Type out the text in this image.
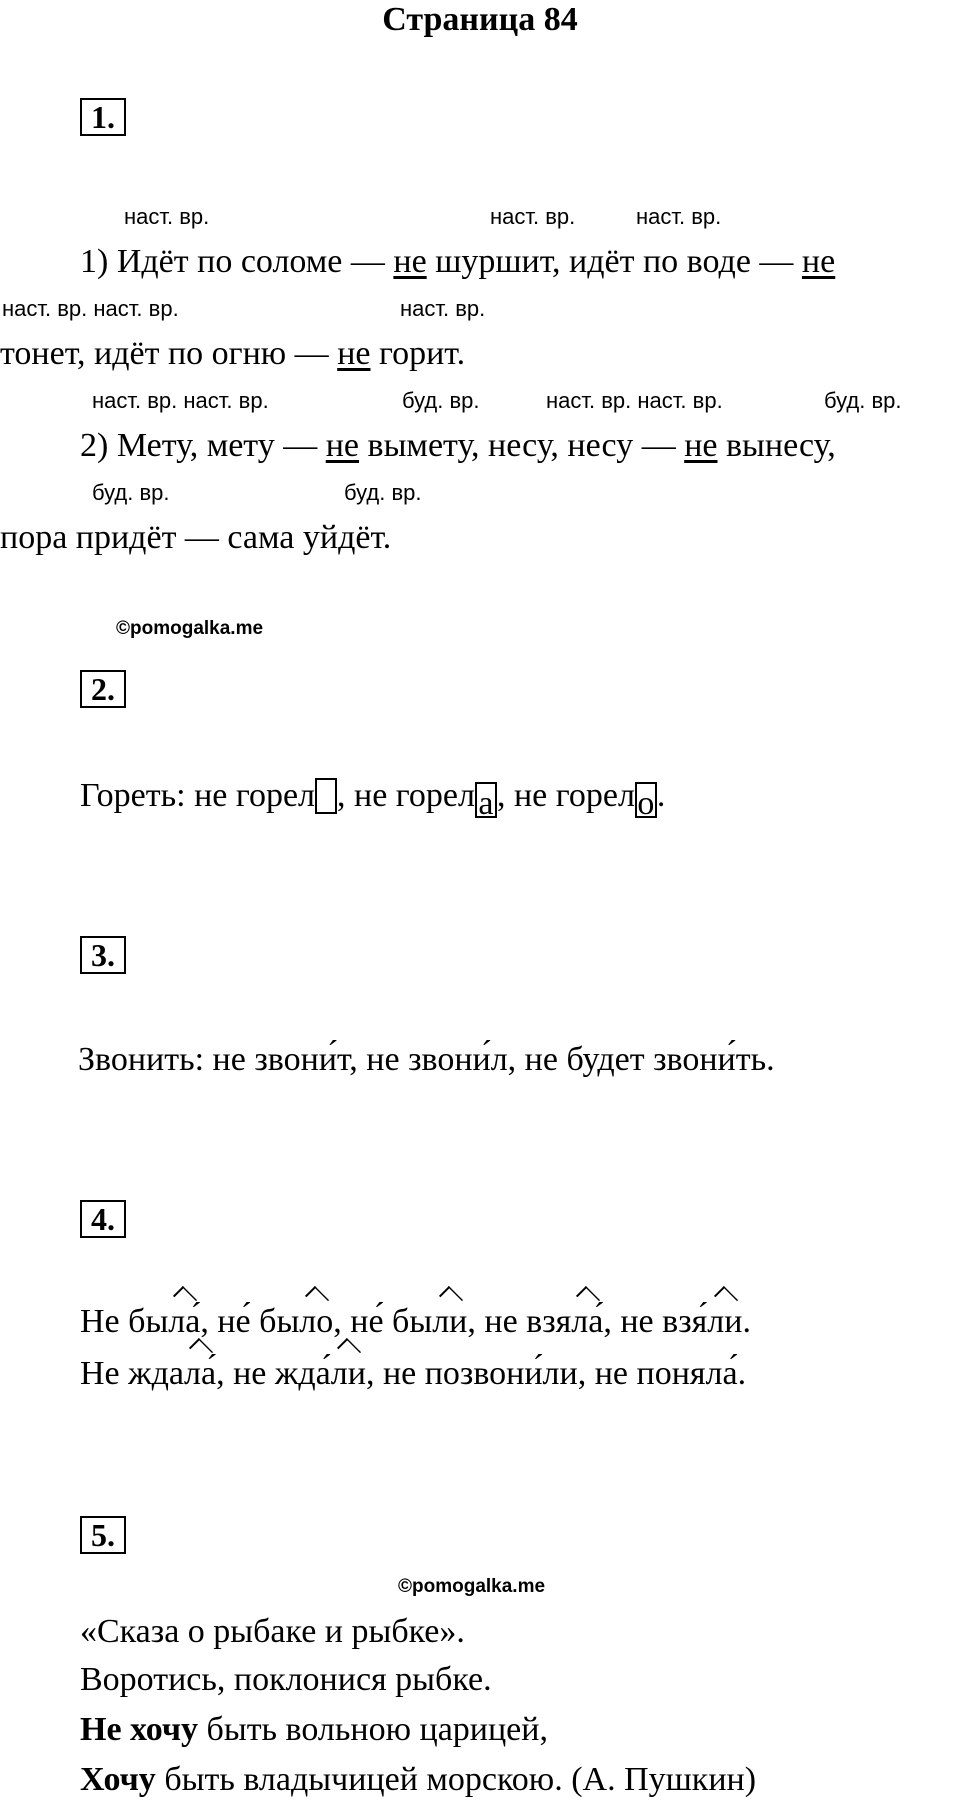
Страница 84
1.
наст. вр.	наст. вр.	наст. вр.
1) Идёт по соломе — не шуршит, идёт по воде — не
наст. вр. наст. вр.	наст. вр.
тонет, идёт по огню — не горит.
наст. вр. наст. вр.	буд. вр.	наст. вр. наст. вр.	буд. вр.
2) Мету, мету — не вымету, несу, несу — не вынесу,
буд. вр.	буд. вр.
пора придёт — сама уйдёт.
©pomogalka.me
2.
Гореть: не горел , не горел а , не горело.
3.
Звонить: не звони́т, не звони́л, не будет звони́ть.
4.
Не была́, не́ было, не́ были, не взяла́, не взя́ли.
Не ждала́, не жда́ли, не позвони́ли, не поняла́.
5.
©pomogalka.me
«Сказа о рыбаке и рыбке».
Воротись, поклонися рыбке.
Не хочу быть вольною царицей,
Хочу быть владычицей морскою. (А. Пушкин)
